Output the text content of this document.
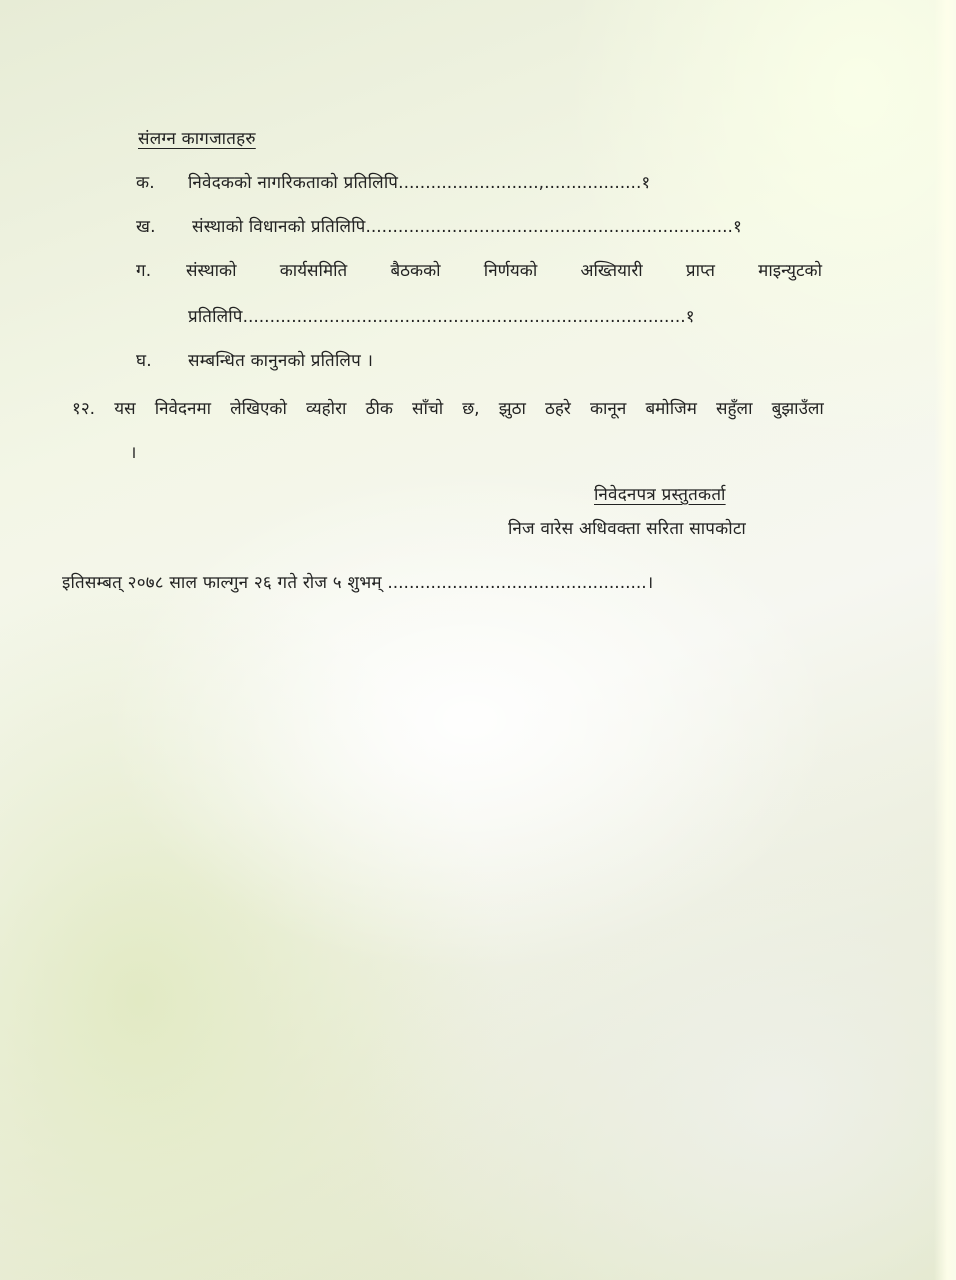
संलग्न कागजातहरु
क. निवेदकको नागरिकताको प्रतिलिपि..........................,..................१
ख. संस्थाको विधानको प्रतिलिपि....................................................................१
ग. संस्थाको	कार्यसमिति	बैठकको	निर्णयको	अख्तियारी	प्राप्त	माइन्युटको
प्रतिलिपि..................................................................................१
घ. सम्बन्धित कानुनको प्रतिलिप ।
१२. यस निवेदनमा लेखिएको व्यहोरा ठीक साँचो छ, झुठा ठहरे कानून बमोजिम सहुँला बुझाउँला
।
निवेदनपत्र प्रस्तुतकर्ता
निज वारेस अधिवक्ता सरिता सापकोटा
इतिसम्बत् २०७८ साल फाल्गुन २६ गते रोज ५ शुभम् ................................................।
